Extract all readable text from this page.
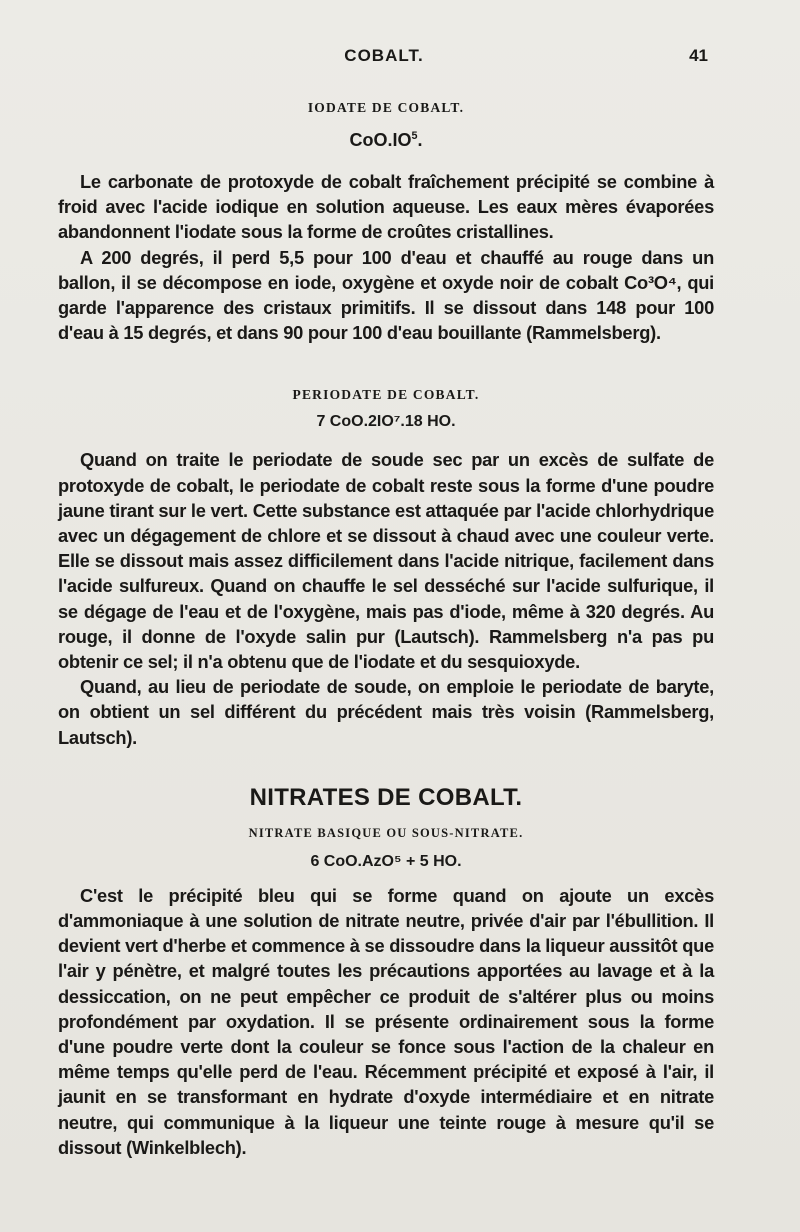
COBALT.	41
IODATE DE COBALT.
$CoO.IO^5$.

Le carbonate de protoxyde de cobalt fraîchement précipité se combine à froid avec l'acide iodique en solution aqueuse. Les eaux mères évaporées abandonnent l'iodate sous la forme de croûtes cristallines.

A 200 degrés, il perd 5,5 pour 100 d'eau et chauffé au rouge dans un ballon, il se décompose en iode, oxygène et oxyde noir de cobalt Co³O⁴, qui garde l'apparence des cristaux primitifs. Il se dissout dans 148 pour 100 d'eau à 15 degrés, et dans 90 pour 100 d'eau bouillante (Rammelsberg).

PERIODATE DE COBALT.
7 CoO.2IO⁷.18 HO.

Quand on traite le periodate de soude sec par un excès de sulfate de protoxyde de cobalt, le periodate de cobalt reste sous la forme d'une poudre jaune tirant sur le vert. Cette substance est attaquée par l'acide chlorhydrique avec un dégagement de chlore et se dissout à chaud avec une couleur verte. Elle se dissout mais assez difficilement dans l'acide nitrique, facilement dans l'acide sulfureux. Quand on chauffe le sel desséché sur l'acide sulfurique, il se dégage de l'eau et de l'oxygène, mais pas d'iode, même à 320 degrés. Au rouge, il donne de l'oxyde salin pur (Lautsch). Rammelsberg n'a pas pu obtenir ce sel; il n'a obtenu que de l'iodate et du sesquioxyde.

Quand, au lieu de periodate de soude, on emploie le periodate de baryte, on obtient un sel différent du précédent mais très voisin (Rammelsberg, Lautsch).

NITRATES DE COBALT.
NITRATE BASIQUE OU SOUS-NITRATE.
6 CoO.AzO⁵ + 5 HO.

C'est le précipité bleu qui se forme quand on ajoute un excès d'ammoniaque à une solution de nitrate neutre, privée d'air par l'ébullition. Il devient vert d'herbe et commence à se dissoudre dans la liqueur aussitôt que l'air y pénètre, et malgré toutes les précautions apportées au lavage et à la dessiccation, on ne peut empêcher ce produit de s'altérer plus ou moins profondément par oxydation. Il se présente ordinairement sous la forme d'une poudre verte dont la couleur se fonce sous l'action de la chaleur en même temps qu'elle perd de l'eau. Récemment précipité et exposé à l'air, il jaunit en se transformant en hydrate d'oxyde intermédiaire et en nitrate neutre, qui communique à la liqueur une teinte rouge à mesure qu'il se dissout (Winkelblech).
